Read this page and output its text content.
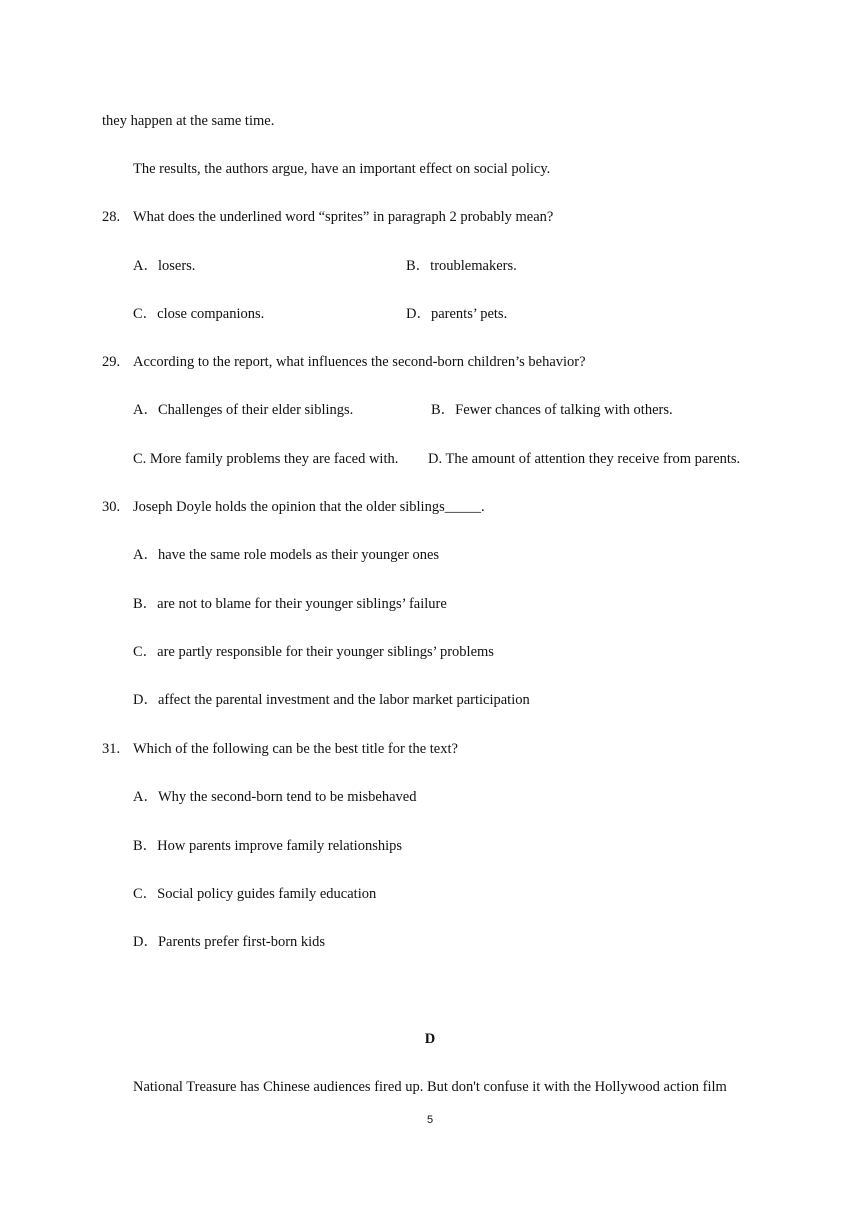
they happen at the same time.
The results, the authors argue, have an important effect on social policy.
28. What does the underlined word “sprites” in paragraph 2 probably mean?
A．losers.	B．troublemakers.
C．close companions.	D．parents’ pets.
29. According to the report, what influences the second-born children’s behavior?
A．Challenges of their elder siblings.	B．Fewer chances of talking with others.
C. More family problems they are faced with. D. The amount of attention they receive from parents.
30. Joseph Doyle holds the opinion that the older siblings_____.
A．have the same role models as their younger ones
B．are not to blame for their younger siblings’ failure
C．are partly responsible for their younger siblings’ problems
D．affect the parental investment and the labor market participation
31. Which of the following can be the best title for the text?
A．Why the second-born tend to be misbehaved
B．How parents improve family relationships
C．Social policy guides family education
D．Parents prefer first-born kids
D
National Treasure has Chinese audiences fired up. But don't confuse it with the Hollywood action film
5
